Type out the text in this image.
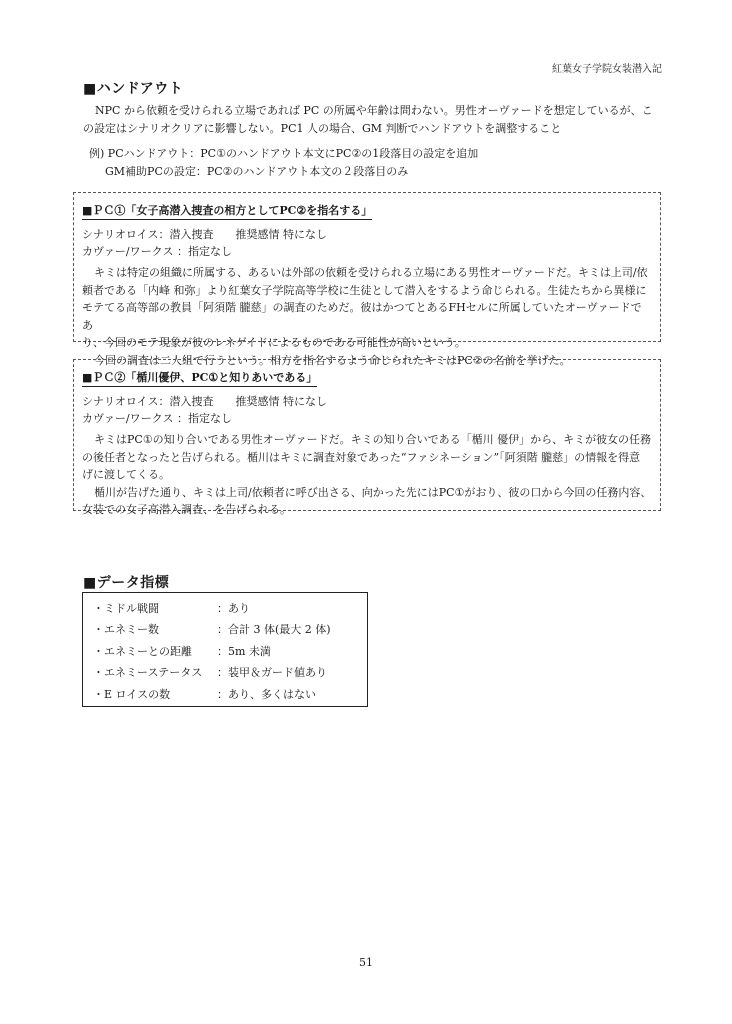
紅葉女子学院女装潜入記
■ハンドアウト
NPC から依頼を受けられる立場であれば PC の所属や年齢は問わない。男性オーヴァードを想定しているが、こ
の設定はシナリオクリアに影響しない。PC1 人の場合、GM 判断でハンドアウトを調整すること
例) PCハンドアウト：PC①のハンドアウト本文にPC②の1段落目の設定を追加
GM補助PCの設定：PC②のハンドアウト本文の２段落目のみ
■ＰＣ①「女子高潜入捜査の相方としてPC②を指名する」
シナリオロイス：潜入捜査　　推奨感情 特になし
カヴァー/ワークス ：指定なし
キミは特定の組織に所属する、あるいは外部の依頼を受けられる立場にある男性オーヴァードだ。キミは上司/依
頼者である「内峰 和弥」より紅葉女子学院高等学校に生徒として潜入をするよう命じられる。生徒たちから異様に
モテてる高等部の教員「阿須階 朧慈」の調査のためだ。彼はかつてとあるFHセルに所属していたオーヴァードであ
り、今回のモテ現象が彼のレネゲイドによるものである可能性が高いという。
今回の調査は二人組で行うという。相方を指名するよう命じられたキミはPC②の名前を挙げた。
■ＰＣ②「楯川優伊、PC①と知りあいである」
シナリオロイス：潜入捜査　　推奨感情 特になし
カヴァー/ワークス ：指定なし
キミはPC①の知り合いである男性オーヴァードだ。キミの知り合いである「楯川 優伊」から、キミが彼女の任務
の後任者となったと告げられる。楯川はキミに調査対象であった“ファシネーション”「阿須階 朧慈」の情報を得意
げに渡してくる。
楯川が告げた通り、キミは上司/依頼者に呼び出さる、向かった先にはPC①がおり、彼の口から今回の任務内容、
女装での女子高潜入調査、を告げられる。
■データ指標
・ミドル戦闘	：あり
・エネミー数	：合計 3 体(最大 2 体)
・エネミーとの距離	：5m 未満
・エネミーステータス	：装甲＆ガード値あり
・E ロイスの数	：あり、多くはない
51
